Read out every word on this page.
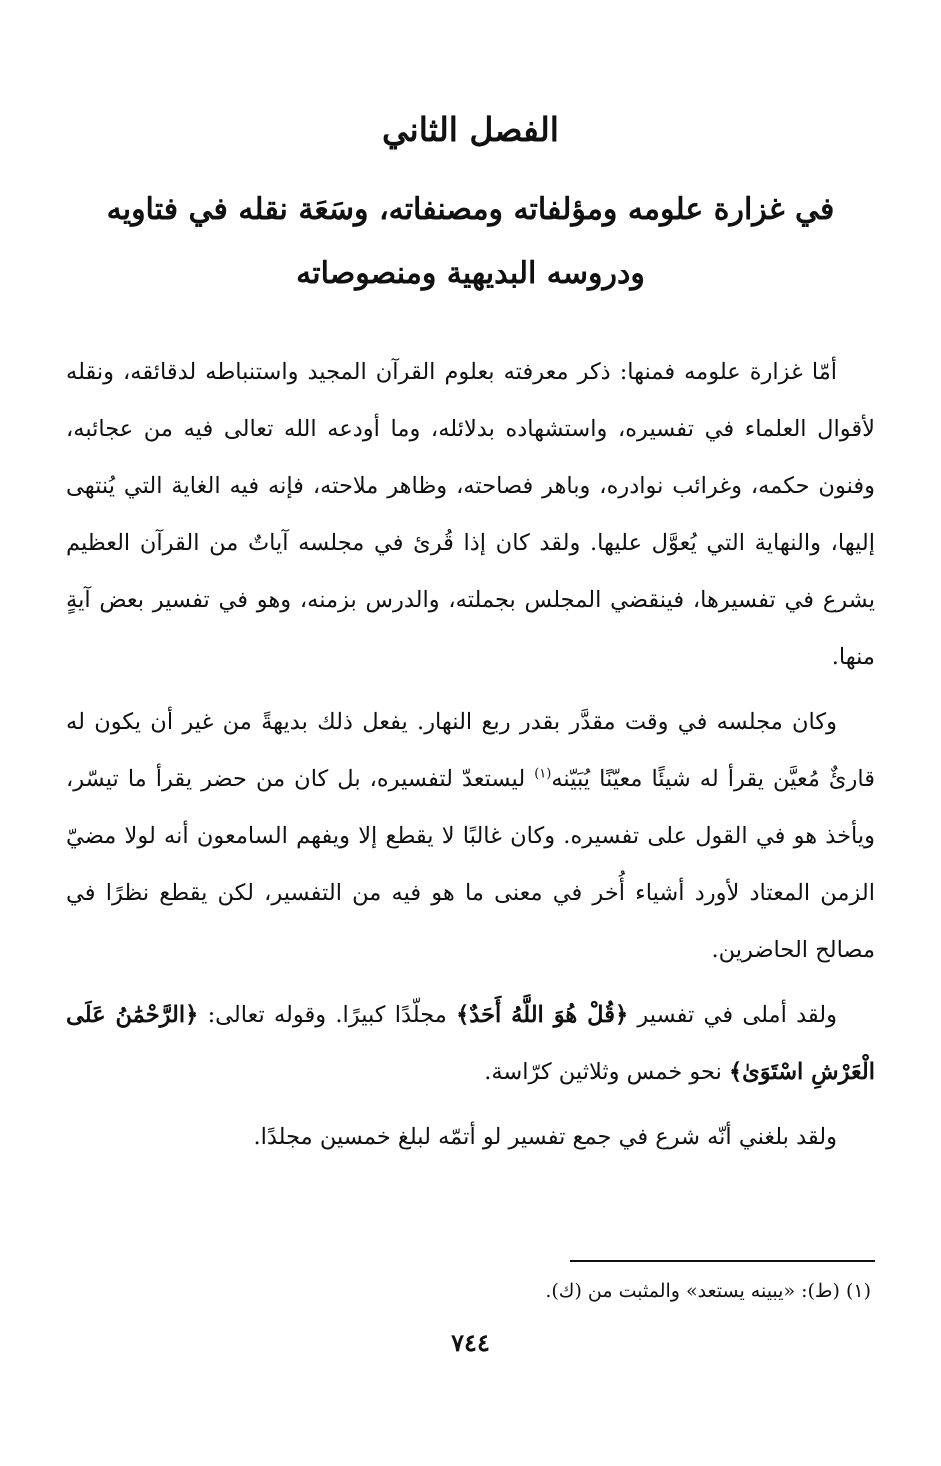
الفصل الثاني
في غزارة علومه ومؤلفاته ومصنفاته، وسَعَة نقله في فتاويه ودروسه البديهية ومنصوصاته

أمّا غزارة علومه فمنها: ذكر معرفته بعلوم القرآن المجيد واستنباطه لدقائقه، ونقله لأقوال العلماء في تفسيره، واستشهاده بدلائله، وما أودعه الله تعالى فيه من عجائبه، وفنون حكمه، وغرائب نوادره، وباهر فصاحته، وظاهر ملاحته، فإنه فيه الغاية التي يُنتهى إليها، والنهاية التي يُعوَّل عليها. ولقد كان إذا قُرئ في مجلسه آياتٌ من القرآن العظيم يشرع في تفسيرها، فينقضي المجلس بجملته، والدرس بزمنه، وهو في تفسير بعض آيةٍ منها.

وكان مجلسه في وقت مقدَّر بقدر ربع النهار. يفعل ذلك بديهةً من غير أن يكون له قارئٌ مُعيَّن يقرأ له شيئًا معيّنًا يُبَيّنه$^{(١)}$ ليستعدّ لتفسيره، بل كان من حضر يقرأ ما تيسّر، ويأخذ هو في القول على تفسيره. وكان غالبًا لا يقطع إلا ويفهم السامعون أنه لولا مضيّ الزمن المعتاد لأورد أشياء أُخر في معنى ما هو فيه من التفسير، لكن يقطع نظرًا في مصالح الحاضرين.

ولقد أملى في تفسير ﴿قُلْ هُوَ اللَّهُ أَحَدٌ﴾ مجلّدًا كبيرًا. وقوله تعالى: ﴿الرَّحْمَٰنُ عَلَى الْعَرْشِ اسْتَوَىٰ﴾ نحو خمس وثلاثين كرّاسة.

ولقد بلغني أنّه شرع في جمع تفسير لو أتمّه لبلغ خمسين مجلدًا.

(١) (ط): «يبينه يستعد» والمثبت من (ك).

٧٤٤
